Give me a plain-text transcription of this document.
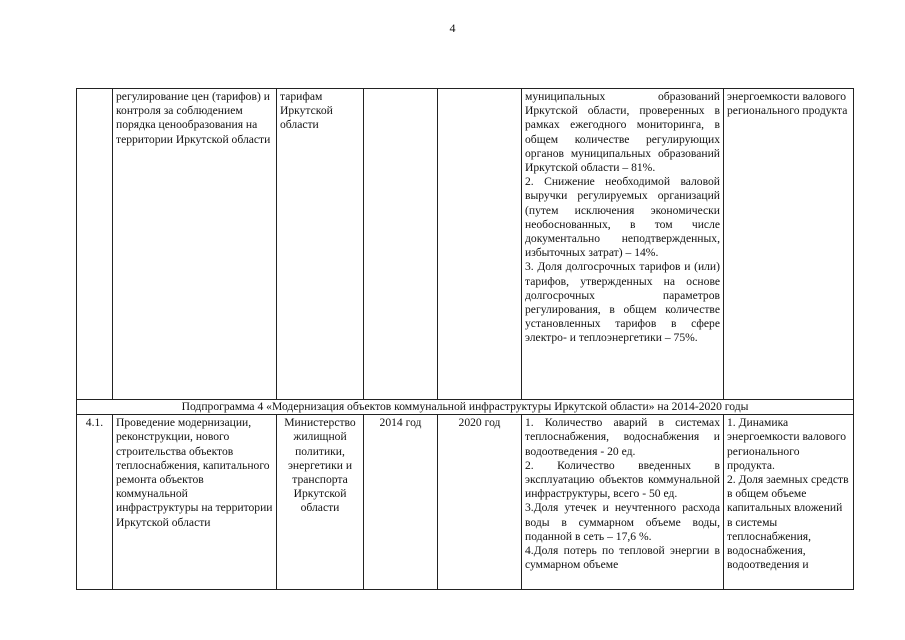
4
	регулирование цен (тарифов) и контроля за соблюдением порядка ценообразования на территории Иркутской области	тарифам Иркутской области			муниципальных образований Иркутской области, проверенных в рамках ежегодного мониторинга, в общем количестве регулирующих органов муниципальных образований Иркутской области – 81%.
2. Снижение необходимой валовой выручки регулируемых организаций (путем исключения экономически необоснованных, в том числе документально неподтвержденных, избыточных затрат) – 14%.
3. Доля долгосрочных тарифов и (или) тарифов, утвержденных на основе долгосрочных параметров регулирования, в общем количестве установленных тарифов в сфере электро- и теплоэнергетики – 75%.	энергоемкости валового регионального продукта
Подпрограмма 4 «Модернизация объектов коммунальной инфраструктуры Иркутской области» на 2014-2020 годы						
4.1.	Проведение модернизации, реконструкции, нового строительства объектов теплоснабжения, капитального ремонта объектов коммунальной инфраструктуры на территории Иркутской области	Министерство жилищной политики, энергетики и транспорта Иркутской области	2014 год	2020 год	1. Количество аварий в системах теплоснабжения, водоснабжения и водоотведения - 20 ед.
2. Количество введенных в эксплуатацию объектов коммунальной инфраструктуры, всего - 50 ед.
3.Доля утечек и неучтенного расхода воды в суммарном объеме воды, поданной в сеть – 17,6 %.
4.Доля потерь по тепловой энергии в суммарном объеме	1. Динамика энергоемкости валового регионального продукта.
2. Доля заемных средств в общем объеме капитальных вложений в системы теплоснабжения, водоснабжения, водоотведения и
